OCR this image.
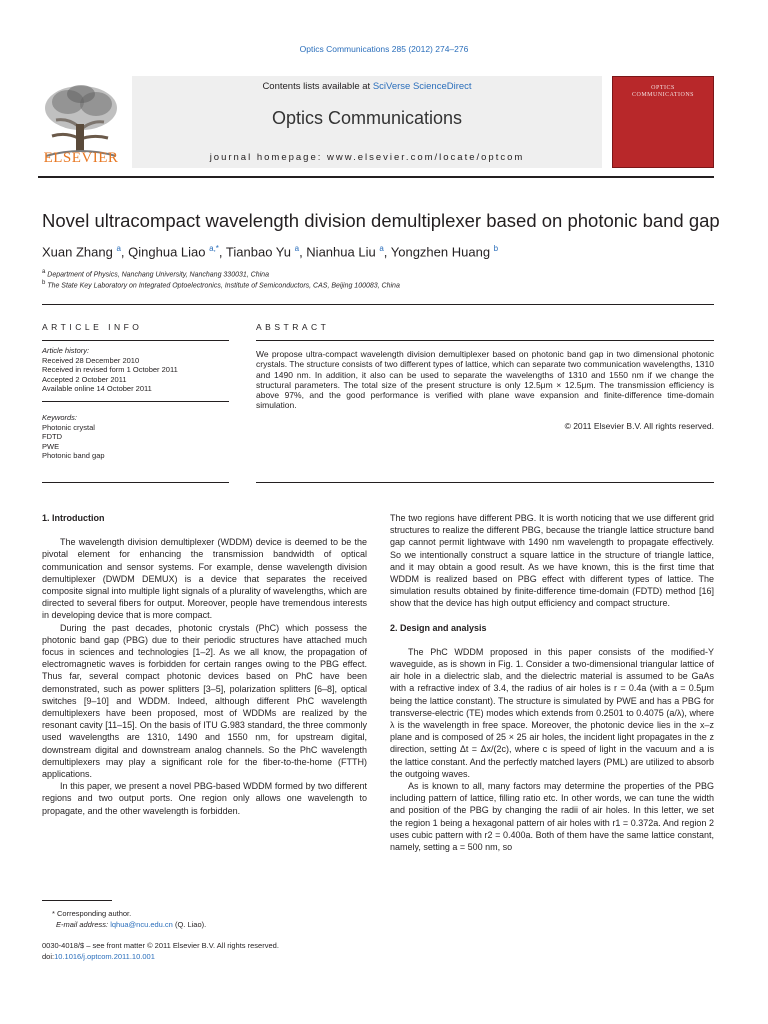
Optics Communications 285 (2012) 274–276
ELSEVIER
Contents lists available at SciVerse ScienceDirect
Optics Communications
journal homepage: www.elsevier.com/locate/optcom
OPTICS
COMMUNICATIONS
Novel ultracompact wavelength division demultiplexer based on photonic band gap
Xuan Zhang $^a$, Qinghua Liao $^{a,*}$, Tianbao Yu $^a$, Nianhua Liu $^a$, Yongzhen Huang $^b$
$^a$ Department of Physics, Nanchang University, Nanchang 330031, China
$^b$ The State Key Laboratory on Integrated Optoelectronics, Institute of Semiconductors, CAS, Beijing 100083, China
ARTICLE INFO
Article history:
Received 28 December 2010
Received in revised form 1 October 2011
Accepted 2 October 2011
Available online 14 October 2011
Keywords:
Photonic crystal
FDTD
PWE
Photonic band gap
ABSTRACT
We propose ultra-compact wavelength division demultiplexer based on photonic band gap in two dimensional photonic crystals. The structure consists of two different types of lattice, which can separate two communication wavelengths, 1310 and 1490 nm. In addition, it also can be used to separate the wavelengths of 1310 and 1550 nm if we change the structural parameters. The total size of the present structure is only 12.5μm × 12.5μm. The transmission efficiency is above 97%, and the good performance is verified with plane wave expansion and finite-difference time-domain simulation.
© 2011 Elsevier B.V. All rights reserved.
1. Introduction

The wavelength division demultiplexer (WDDM) device is deemed to be the pivotal element for enhancing the transmission bandwidth of optical communication and sensor systems. For example, dense wavelength division demultiplexer (DWDM DEMUX) is a device that separates the received composite signal into multiple light signals of a plurality of wavelengths, which are directed to several fibers for output. Moreover, people have tremendous interests in developing device that is more compact.

During the past decades, photonic crystals (PhC) which possess the photonic band gap (PBG) due to their periodic structures have attached much focus in sciences and technologies [1–2]. As we all know, the propagation of electromagnetic waves is forbidden for certain ranges owing to the PBG effect. Thus far, several compact photonic devices based on PhC have been demonstrated, such as power splitters [3–5], polarization splitters [6–8], optical switches [9–10] and WDDM. Indeed, although different PhC wavelength demultiplexers have been proposed, most of WDDMs are realized by the resonant cavity [11–15]. On the basis of ITU G.983 standard, the three commonly used wavelengths are 1310, 1490 and 1550 nm, for upstream digital, downstream digital and downstream analog channels. So the PhC wavelength demultiplexers may play a significant role for the fiber-to-the-home (FTTH) applications.

In this paper, we present a novel PBG-based WDDM formed by two different regions and two output ports. One region only allows one wavelength to propagate, and the other wavelength is forbidden.

The two regions have different PBG. It is worth noticing that we use different grid structures to realize the different PBG, because the triangle lattice structure band gap cannot permit lightwave with 1490 nm wavelength to propagate effectively. So we intentionally construct a square lattice in the structure of triangle lattice, and it may obtain a good result. As we have known, this is the first time that WDDM is realized based on PBG effect with different types of lattice. The simulation results obtained by finite-difference time-domain (FDTD) method [16] show that the device has high output efficiency and compact structure.

2. Design and analysis

The PhC WDDM proposed in this paper consists of the modified-Y waveguide, as is shown in Fig. 1. Consider a two-dimensional triangular lattice of air hole in a dielectric slab, and the dielectric material is assumed to be GaAs with a refractive index of 3.4, the radius of air holes is r = 0.4a (with a = 0.5μm being the lattice constant). The structure is simulated by PWE and has a PBG for transverse-electric (TE) modes which extends from 0.2501 to 0.4075 (a/λ), where λ is the wavelength in free space. Moreover, the photonic device lies in the x–z plane and is composed of 25 × 25 air holes, the incident light propagates in the z direction, setting Δt = Δx/(2c), where c is speed of light in the vacuum and a is the lattice constant. And the perfectly matched layers (PML) are utilized to absorb the outgoing waves.

As is known to all, many factors may determine the properties of the PBG including pattern of lattice, filling ratio etc. In other words, we can tune the width and position of the PBG by changing the radii of air holes. In this letter, we set the region 1 being a hexagonal pattern of air holes with r1 = 0.372a. And region 2 uses cubic pattern with r2 = 0.400a. Both of them have the same lattice constant, namely, setting a = 500 nm, so

* Corresponding author.
E-mail address: lqhua@ncu.edu.cn (Q. Liao).
0030-4018/$ – see front matter © 2011 Elsevier B.V. All rights reserved.
doi:10.1016/j.optcom.2011.10.001
